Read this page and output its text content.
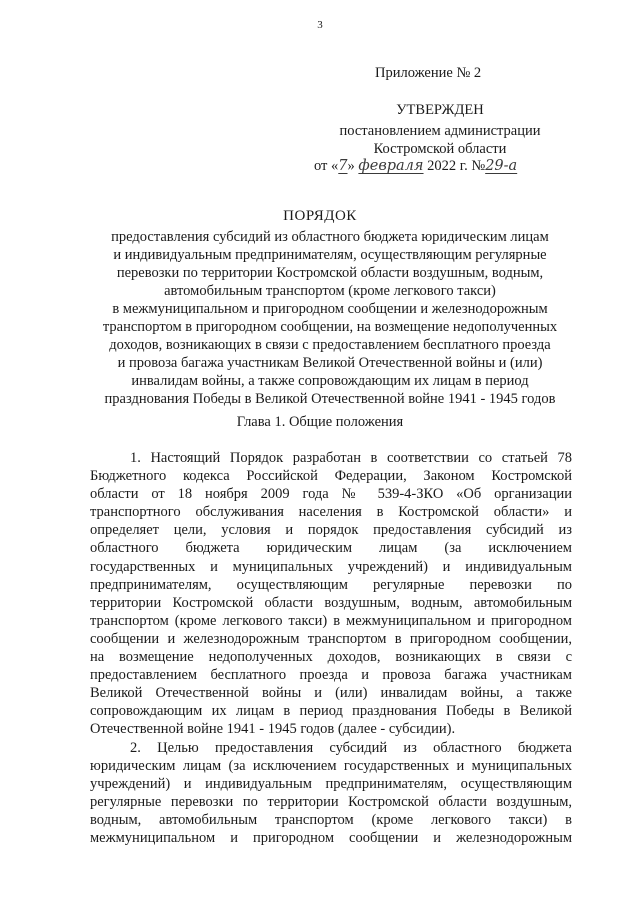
3
Приложение № 2
УТВЕРЖДЕН
постановлением администрации
Костромской области
от «7» февраля 2022 г. №29-а
ПОРЯДОК
предоставления субсидий из областного бюджета юридическим лицам
и индивидуальным предпринимателям, осуществляющим регулярные
перевозки по территории Костромской области воздушным, водным,
автомобильным транспортом (кроме легкового такси)
в межмуниципальном и пригородном сообщении и железнодорожным
транспортом в пригородном сообщении, на возмещение недополученных
доходов, возникающих в связи с предоставлением бесплатного проезда
и провоза багажа участникам Великой Отечественной войны и (или)
инвалидам войны, а также сопровождающим их лицам в период
празднования Победы в Великой Отечественной войне 1941 - 1945 годов
Глава 1. Общие положения
1. Настоящий Порядок разработан в соответствии со статьей 78
Бюджетного кодекса Российской Федерации, Законом Костромской
области от 18 ноября 2009 года № 539-4-ЗКО «Об организации
транспортного обслуживания населения в Костромской области» и
определяет цели, условия и порядок предоставления субсидий из
областного бюджета юридическим лицам (за исключением
государственных и муниципальных учреждений) и индивидуальным
предпринимателям, осуществляющим регулярные перевозки по
территории Костромской области воздушным, водным, автомобильным
транспортом (кроме легкового такси) в межмуниципальном и пригородном
сообщении и железнодорожным транспортом в пригородном сообщении,
на возмещение недополученных доходов, возникающих в связи с
предоставлением бесплатного проезда и провоза багажа участникам
Великой Отечественной войны и (или) инвалидам войны, а также
сопровождающим их лицам в период празднования Победы в Великой
Отечественной войне 1941 - 1945 годов (далее - субсидии).
2. Целью предоставления субсидий из областного бюджета
юридическим лицам (за исключением государственных и муниципальных
учреждений) и индивидуальным предпринимателям, осуществляющим
регулярные перевозки по территории Костромской области воздушным,
водным, автомобильным транспортом (кроме легкового такси) в
межмуниципальном и пригородном сообщении и железнодорожным
